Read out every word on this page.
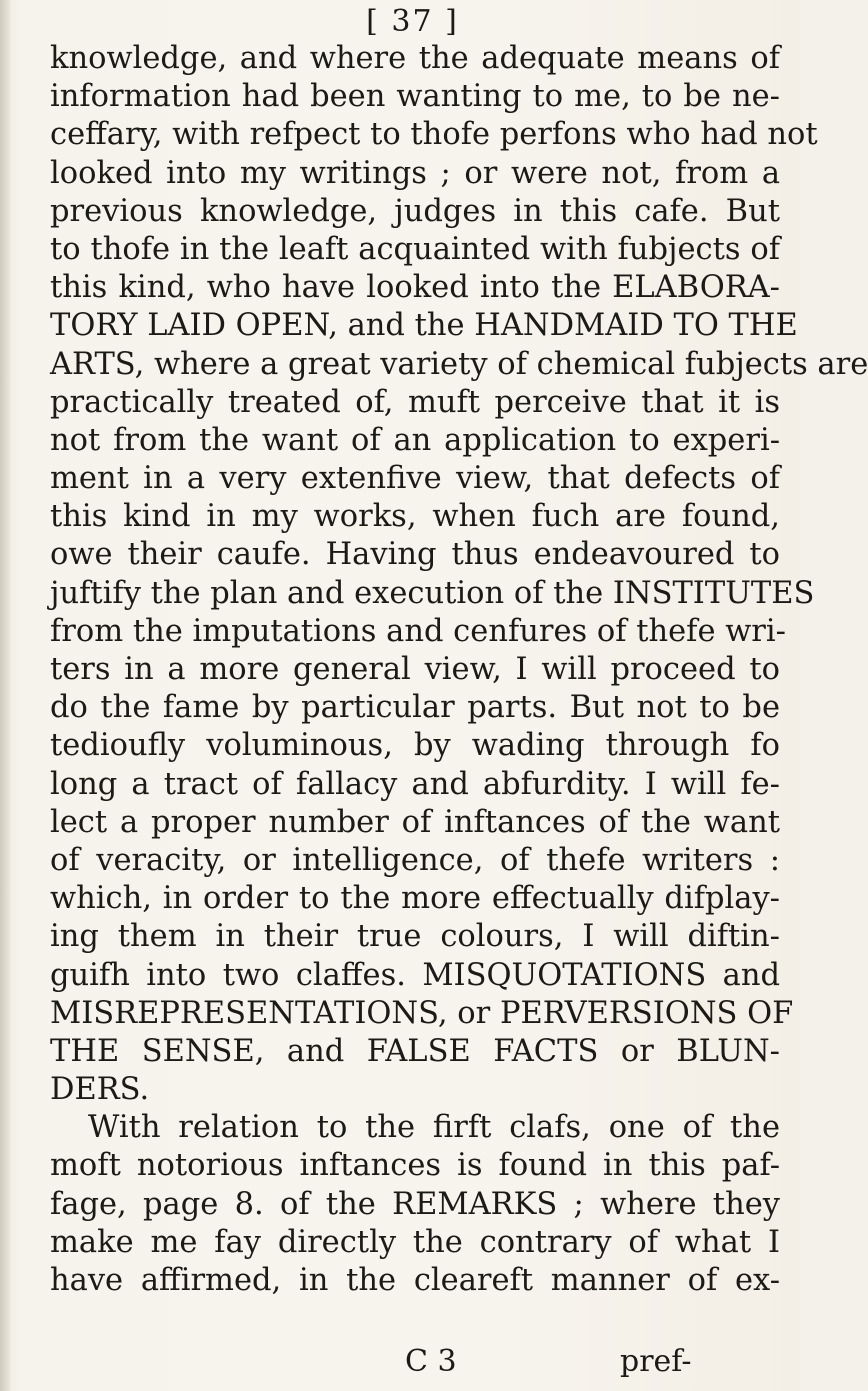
[ 37 ]
knowledge, and where the adequate means of
information had been wanting to me, to be ne-
ceffary, with refpect to thofe perfons who had not
looked into my writings ; or were not, from a
previous knowledge, judges in this cafe. But
to thofe in the leaft acquainted with fubjects of
this kind, who have looked into the ELABORA-
TORY LAID OPEN, and the HANDMAID TO THE
ARTS, where a great variety of chemical fubjects are
practically treated of, muft perceive that it is
not from the want of an application to experi-
ment in a very extenfive view, that defects of
this kind in my works, when fuch are found,
owe their caufe. Having thus endeavoured to
juftify the plan and execution of the INSTITUTES
from the imputations and cenfures of thefe wri-
ters in a more general view, I will proceed to
do the fame by particular parts. But not to be
tedioufly voluminous, by wading through fo
long a tract of fallacy and abfurdity. I will fe-
lect a proper number of inftances of the want
of veracity, or intelligence, of thefe writers :
which, in order to the more effectually difplay-
ing them in their true colours, I will diftin-
guifh into two claffes. MISQUOTATIONS and
MISREPRESENTATIONS, or PERVERSIONS OF
THE SENSE, and FALSE FACTS or BLUN-
DERS.
With relation to the firft clafs, one of the
moft notorious inftances is found in this paf-
fage, page 8. of the REMARKS ; where they
make me fay directly the contrary of what I
have affirmed, in the cleareft manner of ex-
C 3	pref-
